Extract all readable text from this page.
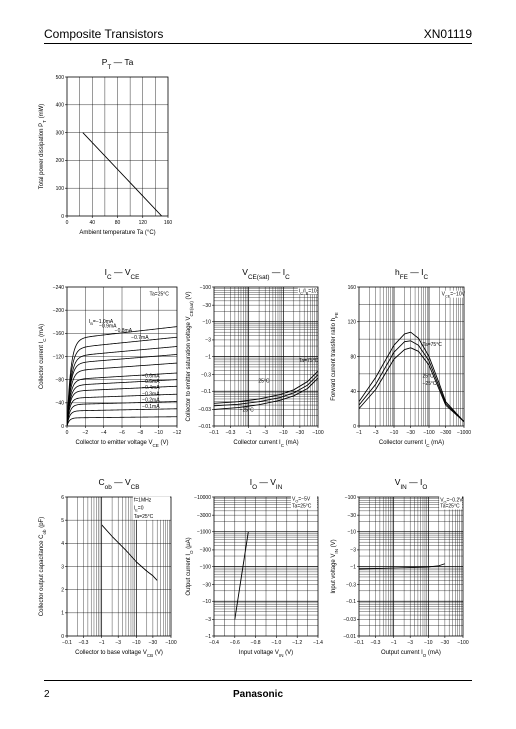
Composite Transistors	XN01119
0	40	80	120	160
0
100
200
300
400
500
$P_T$ — Ta
Ambient temperature Ta (°C)
Total power dissipation $P_T$ (mW)
0	−2	−4	−6	−8 −10 −12
0
−40
−80
−120
−160
−200
−240
$I_C$ — $V_{CE}$
Collector to emitter voltage $V_{CE}$ (V)
Collector current $I_C$ (mA)
$I_B=-1.0mA$
−0.9mA
−0.8mA
−0.7mA
−0.6mA
−0.5mA
−0.4mA
−0.3mA
−0.2mA
−0.1mA
Ta=25°C
−0.1 −0.3 −1 −3 −10 −30 −100
−0.01
−0.03
−0.1
−0.3
−1
−3
−10
−30
−100
$V_{CE(sat)}$ — $I_C$
Collector current $I_C$ (mA)
Collector to emitter saturation voltage $V_{CE(sat)}$ (V)
Ta=75°C
25°C
−25°C
$I_C/I_B=10$
−1 −3 −10 −30 −100 −300 −1000
0
40
80
120
160
$h_{FE}$ — $I_C$
Collector current $I_C$ (mA)
Forward current transfer ratio $h_{FE}$
Ta=75°C
25°C
−25°C
$V_{CE}=-10V$
−0.1 −0.3 −1 −3 −10 −30 −100
0
1
2
3
4
5
6
$C_{ob}$ — $V_{CB}$
Collector to base voltage $V_{CB}$ (V)
Collector output capacitance $C_{ob}$ (pF)
f=1MHz
$I_E=0$
Ta=25°C
−0.4 −0.6 −0.8 −1.0 −1.2 −1.4
−1
−3
−10
−30
−100
−300
−1000
−3000
−10000
$I_O$ — $V_{IN}$
Input voltage $V_{IN}$ (V)
Output current $I_O$ (µA)
$V_O=-5V$
Ta=25°C
−0.1 −0.3 −1 −3 −10 −30 −100
−0.01
−0.03
−0.1
−0.3
−1
−3
−10
−30
−100
$V_{IN}$ — $I_O$
Output current $I_O$ (mA)
Input voltage $V_{IN}$ (V)
$V_O=-0.2V$
Ta=25°C
2	Panasonic
